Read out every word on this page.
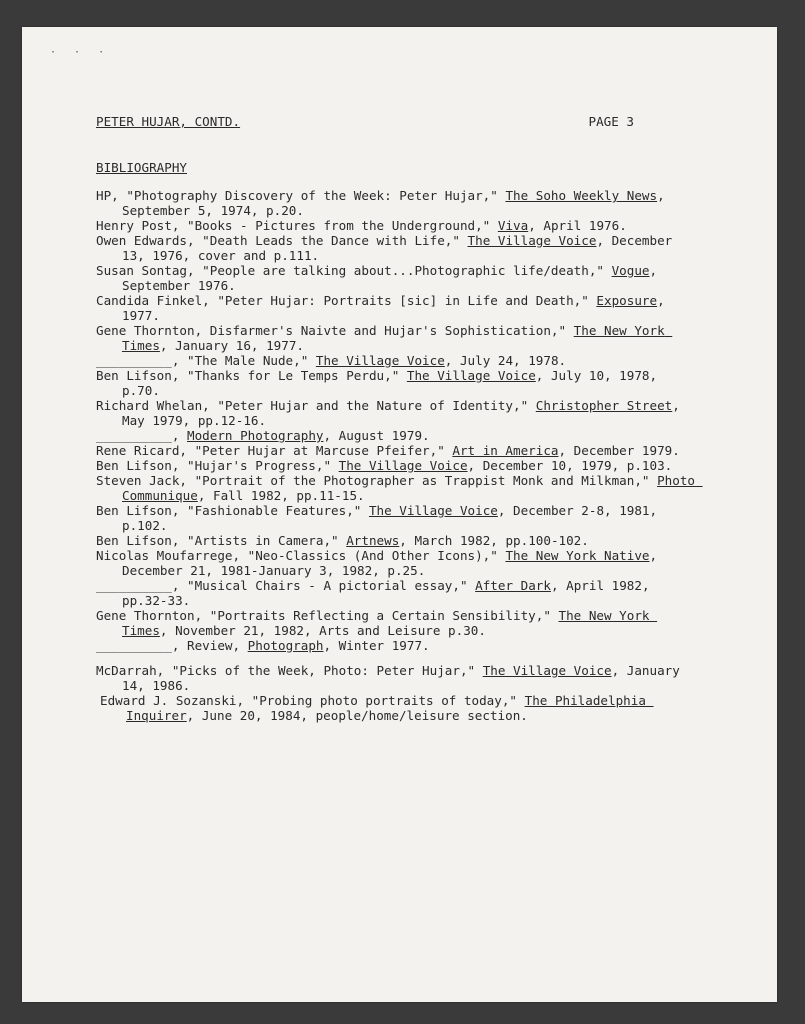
· · ·
PETER HUJAR, CONTD.	PAGE 3
BIBLIOGRAPHY
HP, "Photography Discovery of the Week: Peter Hujar," The Soho Weekly News, September 5, 1974, p.20.
Henry Post, "Books - Pictures from the Underground," Viva, April 1976.
Owen Edwards, "Death Leads the Dance with Life," The Village Voice, December 13, 1976, cover and p.111.
Susan Sontag, "People are talking about...Photographic life/death," Vogue, September 1976.
Candida Finkel, "Peter Hujar: Portraits [sic] in Life and Death," Exposure, 1977.
Gene Thornton, Disfarmer's Naivte and Hujar's Sophistication," The New York Times, January 16, 1977.
__________, "The Male Nude," The Village Voice, July 24, 1978.
Ben Lifson, "Thanks for Le Temps Perdu," The Village Voice, July 10, 1978, p.70.
Richard Whelan, "Peter Hujar and the Nature of Identity," Christopher Street, May 1979, pp.12-16.
__________, Modern Photography, August 1979.
Rene Ricard, "Peter Hujar at Marcuse Pfeifer," Art in America, December 1979.
Ben Lifson, "Hujar's Progress," The Village Voice, December 10, 1979, p.103.
Steven Jack, "Portrait of the Photographer as Trappist Monk and Milkman," Photo Communique, Fall 1982, pp.11-15.
Ben Lifson, "Fashionable Features," The Village Voice, December 2-8, 1981, p.102.
Ben Lifson, "Artists in Camera," Artnews, March 1982, pp.100-102.
Nicolas Moufarrege, "Neo-Classics (And Other Icons)," The New York Native, December 21, 1981-January 3, 1982, p.25.
__________, "Musical Chairs - A pictorial essay," After Dark, April 1982, pp.32-33.
Gene Thornton, "Portraits Reflecting a Certain Sensibility," The New York Times, November 21, 1982, Arts and Leisure p.30.
__________, Review, Photograph, Winter 1977.
McDarrah, "Picks of the Week, Photo: Peter Hujar," The Village Voice, January 14, 1986.
Edward J. Sozanski, "Probing photo portraits of today," The Philadelphia Inquirer, June 20, 1984, people/home/leisure section.
